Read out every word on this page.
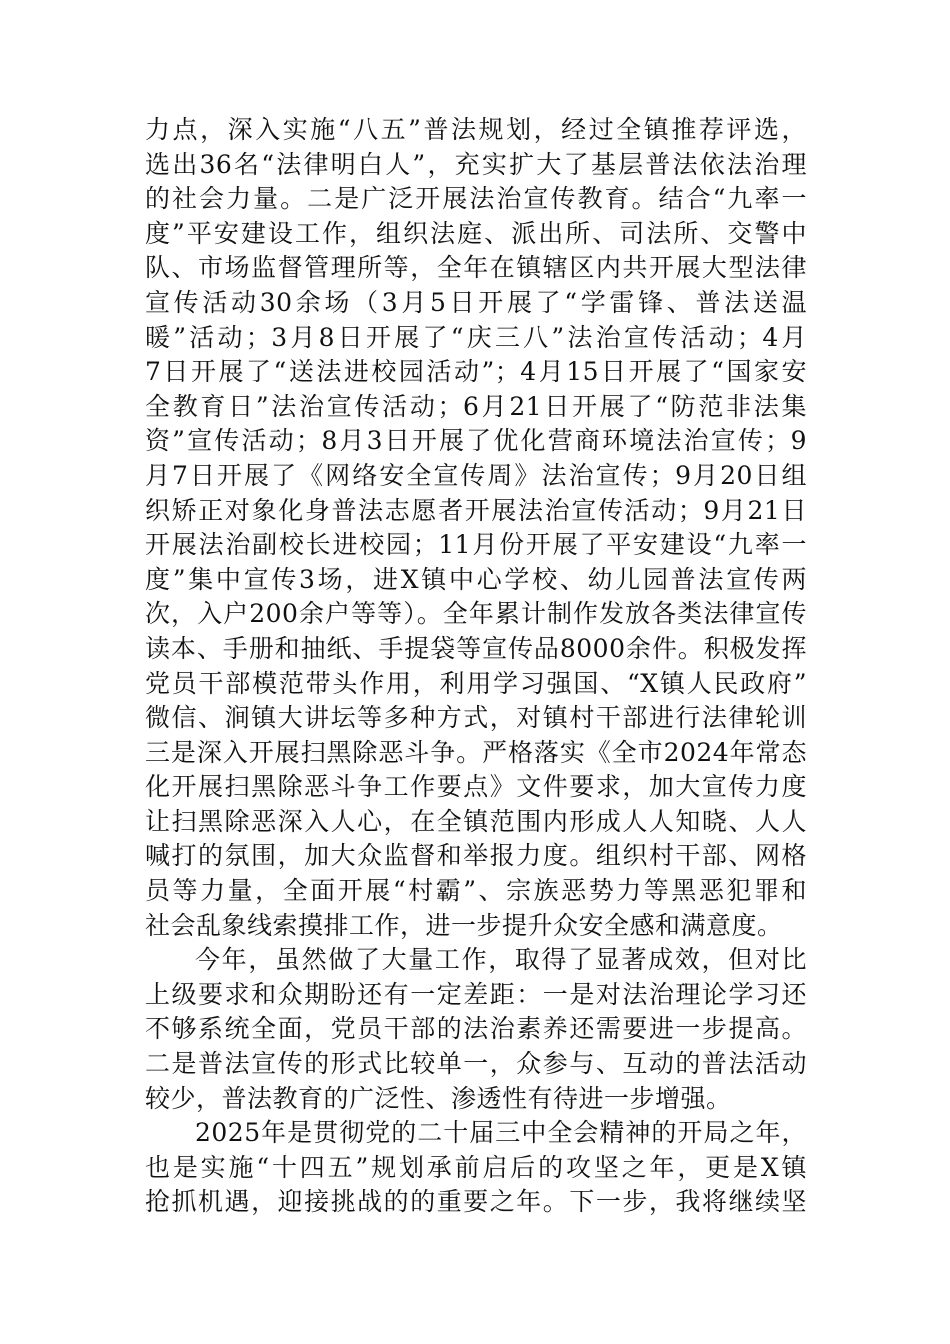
力点，深入实施“八五”普法规划，经过全镇推荐评选，
选出36名“法律明白人”，充实扩大了基层普法依法治理
的社会力量。二是广泛开展法治宣传教育。结合“九率一
度”平安建设工作，组织法庭、派出所、司法所、交警中
队、市场监督管理所等，全年在镇辖区内共开展大型法律
宣传活动30余场（3月5日开展了“学雷锋、普法送温
暖”活动；3月8日开展了“庆三八”法治宣传活动；4月
7日开展了“送法进校园活动”；4月15日开展了“国家安
全教育日”法治宣传活动；6月21日开展了“防范非法集
资”宣传活动；8月3日开展了优化营商环境法治宣传；9
月7日开展了《网络安全宣传周》法治宣传；9月20日组
织矫正对象化身普法志愿者开展法治宣传活动；9月21日
开展法治副校长进校园；11月份开展了平安建设“九率一
度”集中宣传3场，进X镇中心学校、幼儿园普法宣传两
次，入户200余户等等）。全年累计制作发放各类法律宣传
读本、手册和抽纸、手提袋等宣传品8000余件。积极发挥
党员干部模范带头作用，利用学习强国、“X镇人民政府”
微信、涧镇大讲坛等多种方式，对镇村干部进行法律轮训
三是深入开展扫黑除恶斗争。严格落实《全市2024年常态
化开展扫黑除恶斗争工作要点》文件要求，加大宣传力度
让扫黑除恶深入人心，在全镇范围内形成人人知晓、人人
喊打的氛围，加大众监督和举报力度。组织村干部、网格
员等力量，全面开展“村霸”、宗族恶势力等黑恶犯罪和
社会乱象线索摸排工作，进一步提升众安全感和满意度。
今年，虽然做了大量工作，取得了显著成效，但对比
上级要求和众期盼还有一定差距：一是对法治理论学习还
不够系统全面，党员干部的法治素养还需要进一步提高。
二是普法宣传的形式比较单一，众参与、互动的普法活动
较少，普法教育的广泛性、渗透性有待进一步增强。
2025年是贯彻党的二十届三中全会精神的开局之年，
也是实施“十四五”规划承前启后的攻坚之年，更是X镇
抢抓机遇，迎接挑战的的重要之年。下一步，我将继续坚
